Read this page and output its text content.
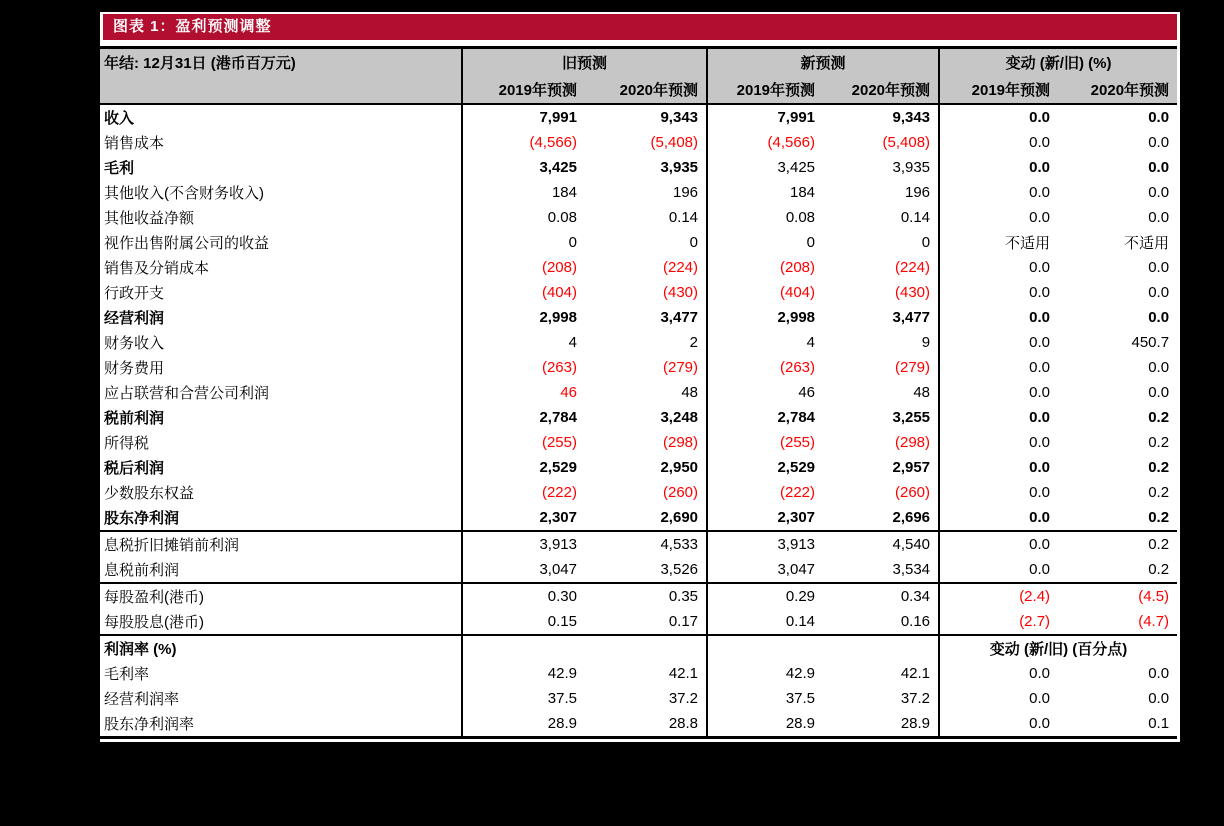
图表 1：盈利预测调整
年结: 12月31日 (港币百万元)	旧预测		新预测		变动 (新/旧) (%)	
	2019年预测	2020年预测	2019年预测	2020年预测	2019年预测	2020年预测
收入	7,991	9,343	7,991	9,343	0.0	0.0
销售成本	(4,566)	(5,408)	(4,566)	(5,408)	0.0	0.0
毛利	3,425	3,935	3,425	3,935	0.0	0.0
其他收入(不含财务收入)	184	196	184	196	0.0	0.0
其他收益净额	0.08	0.14	0.08	0.14	0.0	0.0
视作出售附属公司的收益	0	0	0	0	不适用	不适用
销售及分销成本	(208)	(224)	(208)	(224)	0.0	0.0
行政开支	(404)	(430)	(404)	(430)	0.0	0.0
经营利润	2,998	3,477	2,998	3,477	0.0	0.0
财务收入	4	2	4	9	0.0	450.7
财务费用	(263)	(279)	(263)	(279)	0.0	0.0
应占联营和合营公司利润	46	48	46	48	0.0	0.0
税前利润	2,784	3,248	2,784	3,255	0.0	0.2
所得税	(255)	(298)	(255)	(298)	0.0	0.2
税后利润	2,529	2,950	2,529	2,957	0.0	0.2
少数股东权益	(222)	(260)	(222)	(260)	0.0	0.2
股东净利润	2,307	2,690	2,307	2,696	0.0	0.2
息税折旧摊销前利润	3,913	4,533	3,913	4,540	0.0	0.2
息税前利润	3,047	3,526	3,047	3,534	0.0	0.2
每股盈利(港币)	0.30	0.35	0.29	0.34	(2.4)	(4.5)
每股股息(港币)	0.15	0.17	0.14	0.16	(2.7)	(4.7)
利润率 (%)					变动 (新/旧) (百分点)	
毛利率	42.9	42.1	42.9	42.1	0.0	0.0
经营利润率	37.5	37.2	37.5	37.2	0.0	0.0
股东净利润率	28.9	28.8	28.9	28.9	0.0	0.1
